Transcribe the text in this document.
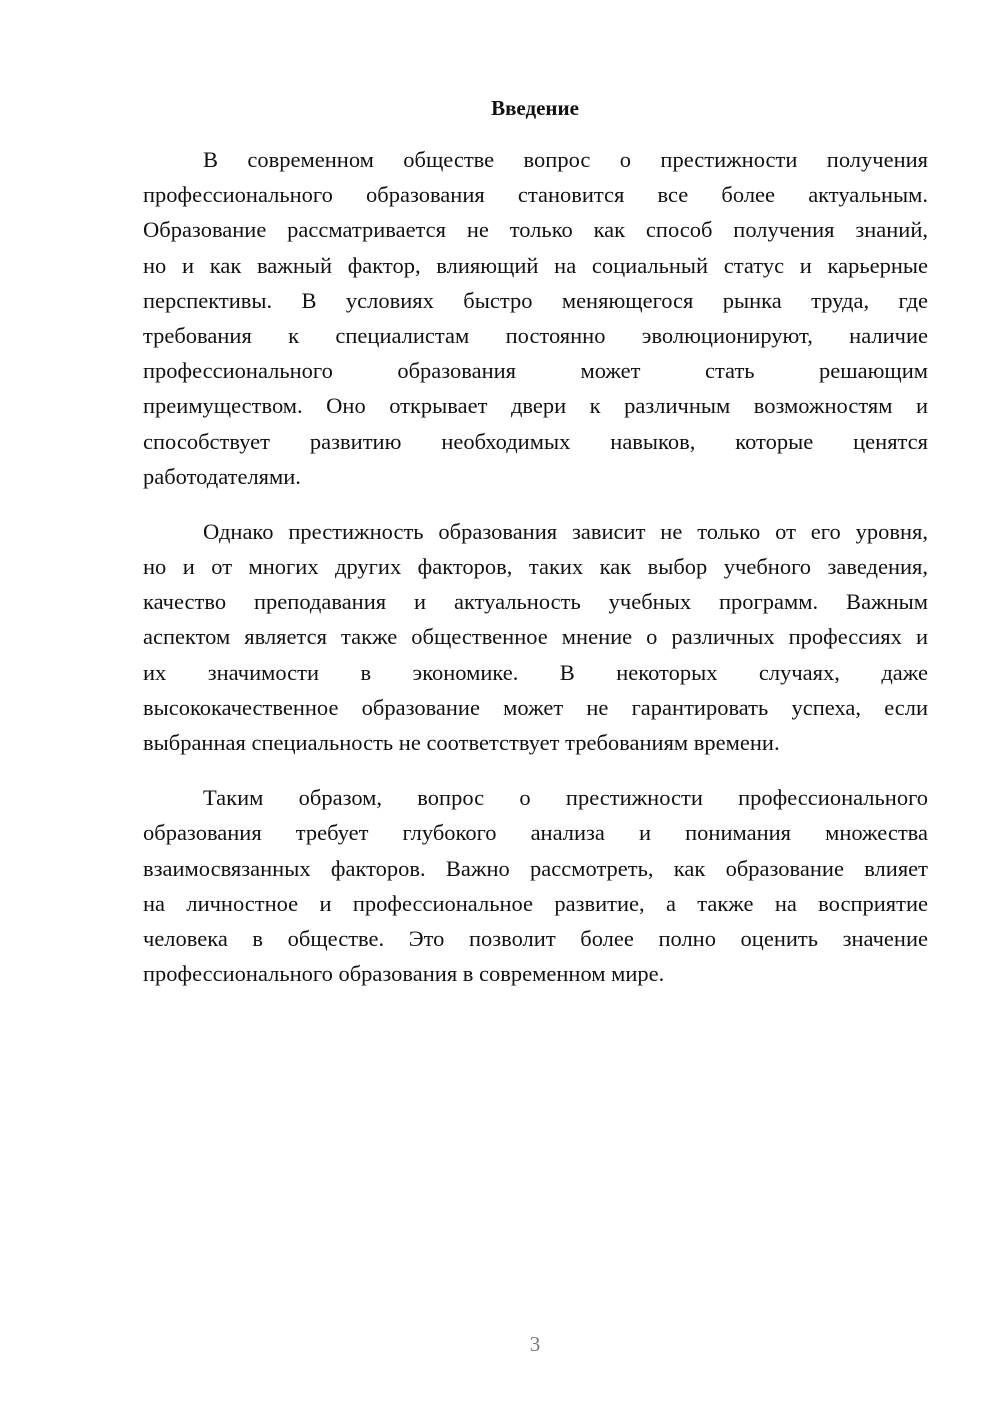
Введение
В современном обществе вопрос о престижности получения
профессионального образования становится все более актуальным.
Образование рассматривается не только как способ получения знаний,
но и как важный фактор, влияющий на социальный статус и карьерные
перспективы. В условиях быстро меняющегося рынка труда, где
требования к специалистам постоянно эволюционируют, наличие
профессионального образования может стать решающим
преимуществом. Оно открывает двери к различным возможностям и
способствует развитию необходимых навыков, которые ценятся
работодателями.
Однако престижность образования зависит не только от его уровня,
но и от многих других факторов, таких как выбор учебного заведения,
качество преподавания и актуальность учебных программ. Важным
аспектом является также общественное мнение о различных профессиях и
их значимости в экономике. В некоторых случаях, даже
высококачественное образование может не гарантировать успеха, если
выбранная специальность не соответствует требованиям времени.
Таким образом, вопрос о престижности профессионального
образования требует глубокого анализа и понимания множества
взаимосвязанных факторов. Важно рассмотреть, как образование влияет
на личностное и профессиональное развитие, а также на восприятие
человека в обществе. Это позволит более полно оценить значение
профессионального образования в современном мире.
3
